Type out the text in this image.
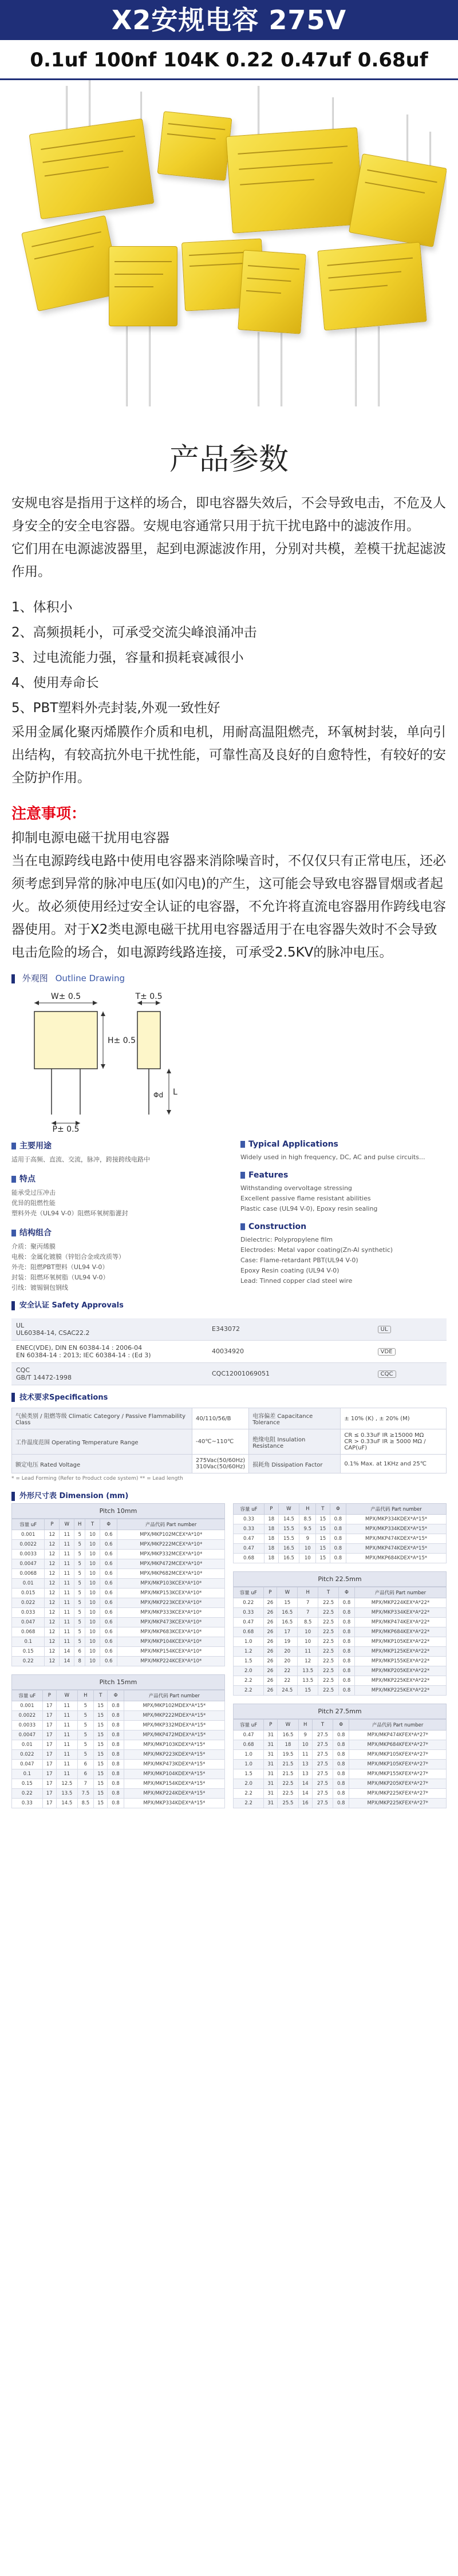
X2安规电容 275V
0.1uf 100nf 104K 0.22 0.47uf 0.68uf
产品参数

安规电容是指用于这样的场合，即电容器失效后，不会导致电击，不危及人身安全的安全电容器。安规电容通常只用于抗干扰电路中的滤波作用。

它们用在电源滤波器里，起到电源滤波作用，分别对共模，差模干扰起滤波作用。

1、体积小
2、高频损耗小，可承受交流尖峰浪涌冲击
3、过电流能力强，容量和损耗衰减很小
4、使用寿命长
5、PBT塑料外壳封装,外观一致性好
采用金属化聚丙烯膜作介质和电机，用耐高温阻燃壳，环氧树封装，单向引出结构，有较高抗外电干扰性能，可靠性高及良好的自愈特性，有较好的安全防护作用。
注意事项：
抑制电源电磁干扰用电容器
当在电源跨线电路中使用电容器来消除噪音时，不仅仅只有正常电压，还必须考虑到异常的脉冲电压(如闪电)的产生，这可能会导致电容器冒烟或者起火。故必须使用经过安全认证的电容器，不允许将直流电容器用作跨线电容器使用。对于X2类电源电磁干扰用电容器适用于在电容器失效时不会导致电击危险的场合，如电源跨线路连接，可承受2.5KV的脉冲电压。
外观图 Outline Drawing
W± 0.5
H± 0.5
T± 0.5
P± 0.5
Φd L
主要用途
适用于高频、直流、交流，脉冲，跨接跨线电路中
特点
能承受过压冲击
优异的阻燃性能
塑料外壳（UL94 V-0）阻燃环氧树脂灌封
结构组合
介质：聚丙烯膜
电极：金属化镀膜（锌铝合金或改质等）
外壳：阻燃PBT塑料（UL94 V-0）
封装：阻燃环氧树脂（UL94 V-0）
引线：镀锡铜包钢线
Typical Applications
Widely used in high frequency, DC, AC and pulse circuits...
Features
Withstanding overvoltage stressing
Excellent passive flame resistant abilities
Plastic case (UL94 V-0), Epoxy resin sealing
Construction
Dielectric: Polypropylene film
Electrodes: Metal vapor coating(Zn-Al synthetic)
Case: Flame-retardant PBT(UL94 V-0)
Epoxy Resin coating (UL94 V-0)
Lead: Tinned copper clad steel wire
安全认证 Safety Approvals
UL
UL60384-14, CSAC22.2	E343072	UL
ENEC(VDE), DIN EN 60384-14 : 2006-04
EN 60384-14 : 2013; IEC 60384-14 : (Ed 3)	40034920	VDE
CQC
GB/T 14472-1998	CQC12001069051	CQC
技术要求Specifications
气候类别 / 阻燃等级 Climatic Category / Passive Flammability Class	40/110/56/B	电容偏差 Capacitance Tolerance	± 10% (K) , ± 20% (M)
工作温度范围 Operating Temperature Range	-40℃~110℃	绝缘电阻 Insulation Resistance	CR ≤ 0.33uF IR ≥15000 MΩ
CR > 0.33uF IR ≥ 5000 MΩ / CAP(uF)
额定电压 Rated Voltage	275Vac(50/60Hz)
310Vac(50/60Hz)	损耗角 Dissipation Factor	0.1% Max. at 1KHz and 25℃
* = Lead Forming (Refer to Product code system) ** = Lead length
外形尺寸表 Dimension (mm)
Pitch 10mm
容量 uF	P	W	H	T	Φ	产品代码 Part number
0.001	12	11	5	10	0.6	MPX/MKP102MCEX*A*10*
0.0022	12	11	5	10	0.6	MPX/MKP222MCEX*A*10*
0.0033	12	11	5	10	0.6	MPX/MKP332MCEX*A*10*
0.0047	12	11	5	10	0.6	MPX/MKP472MCEX*A*10*
0.0068	12	11	5	10	0.6	MPX/MKP682MCEX*A*10*
0.01	12	11	5	10	0.6	MPX/MKP103KCEX*A*10*
0.015	12	11	5	10	0.6	MPX/MKP153KCEX*A*10*
0.022	12	11	5	10	0.6	MPX/MKP223KCEX*A*10*
0.033	12	11	5	10	0.6	MPX/MKP333KCEX*A*10*
0.047	12	11	5	10	0.6	MPX/MKP473KCEX*A*10*
0.068	12	11	5	10	0.6	MPX/MKP683KCEX*A*10*
0.1	12	11	5	10	0.6	MPX/MKP104KCEX*A*10*
0.15	12	14	6	10	0.6	MPX/MKP154KCEX*A*10*
0.22	12	14	8	10	0.6	MPX/MKP224KCEX*A*10*
Pitch 15mm
容量 uF	P	W	H	T	Φ	产品代码 Part number
0.001	17	11	5	15	0.8	MPX/MKP102MDEX*A*15*
0.0022	17	11	5	15	0.8	MPX/MKP222MDEX*A*15*
0.0033	17	11	5	15	0.8	MPX/MKP332MDEX*A*15*
0.0047	17	11	5	15	0.8	MPX/MKP472MDEX*A*15*
0.01	17	11	5	15	0.8	MPX/MKP103KDEX*A*15*
0.022	17	11	5	15	0.8	MPX/MKP223KDEX*A*15*
0.047	17	11	6	15	0.8	MPX/MKP473KDEX*A*15*
0.1	17	11	6	15	0.8	MPX/MKP104KDEX*A*15*
0.15	17	12.5	7	15	0.8	MPX/MKP154KDEX*A*15*
0.22	17	13.5	7.5	15	0.8	MPX/MKP224KDEX*A*15*
0.33	17	14.5	8.5	15	0.8	MPX/MKP334KDEX*A*15*
容量 uF	P	W	H	T	Φ	产品代码 Part number
0.33	18	14.5	8.5	15	0.8	MPX/MKP334KDEX*A*15*
0.33	18	15.5	9.5	15	0.8	MPX/MKP334KDEX*A*15*
0.47	18	15.5	9	15	0.8	MPX/MKP474KDEX*A*15*
0.47	18	16.5	10	15	0.8	MPX/MKP474KDEX*A*15*
0.68	18	16.5	10	15	0.8	MPX/MKP684KDEX*A*15*
Pitch 22.5mm
容量 uF	P	W	H	T	Φ	产品代码 Part number
0.22	26	15	7	22.5	0.8	MPX/MKP224KEX*A*22*
0.33	26	16.5	7	22.5	0.8	MPX/MKP334KEX*A*22*
0.47	26	16.5	8.5	22.5	0.8	MPX/MKP474KEX*A*22*
0.68	26	17	10	22.5	0.8	MPX/MKP684KEX*A*22*
1.0	26	19	10	22.5	0.8	MPX/MKP105KEX*A*22*
1.2	26	20	11	22.5	0.8	MPX/MKP125KEX*A*22*
1.5	26	20	12	22.5	0.8	MPX/MKP155KEX*A*22*
2.0	26	22	13.5	22.5	0.8	MPX/MKP205KEX*A*22*
2.2	26	22	13.5	22.5	0.8	MPX/MKP225KEX*A*22*
2.2	26	24.5	15	22.5	0.8	MPX/MKP225KEX*A*22*
Pitch 27.5mm
容量 uF	P	W	H	T	Φ	产品代码 Part number
0.47	31	16.5	9	27.5	0.8	MPX/MKP474KFEX*A*27*
0.68	31	18	10	27.5	0.8	MPX/MKP684KFEX*A*27*
1.0	31	19.5	11	27.5	0.8	MPX/MKP105KFEX*A*27*
1.0	31	21.5	13	27.5	0.8	MPX/MKP105KFEX*A*27*
1.5	31	21.5	13	27.5	0.8	MPX/MKP155KFEX*A*27*
2.0	31	22.5	14	27.5	0.8	MPX/MKP205KFEX*A*27*
2.2	31	22.5	14	27.5	0.8	MPX/MKP225KFEX*A*27*
2.2	31	25.5	16	27.5	0.8	MPX/MKP225KFEX*A*27*
